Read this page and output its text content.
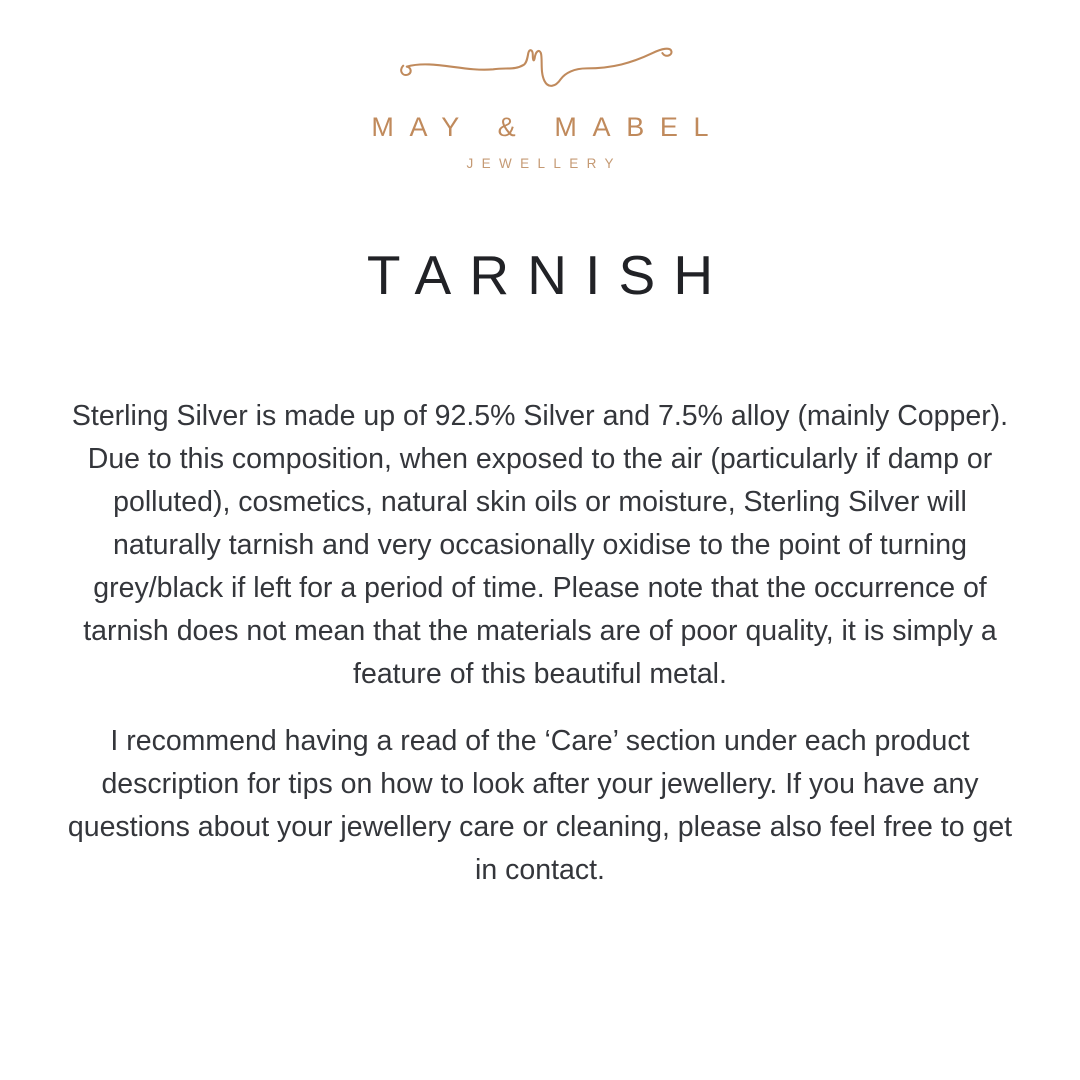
MAY & MABEL
JEWELLERY
TARNISH

Sterling Silver is made up of 92.5% Silver and 7.5% alloy (mainly Copper). Due to this composition, when exposed to the air (particularly if damp or polluted), cosmetics, natural skin oils or moisture, Sterling Silver will naturally tarnish and very occasionally oxidise to the point of turning grey/black if left for a period of time. Please note that the occurrence of tarnish does not mean that the materials are of poor quality, it is simply a feature of this beautiful metal.

I recommend having a read of the ‘Care’ section under each product description for tips on how to look after your jewellery. If you have any questions about your jewellery care or cleaning, please also feel free to get in contact.
